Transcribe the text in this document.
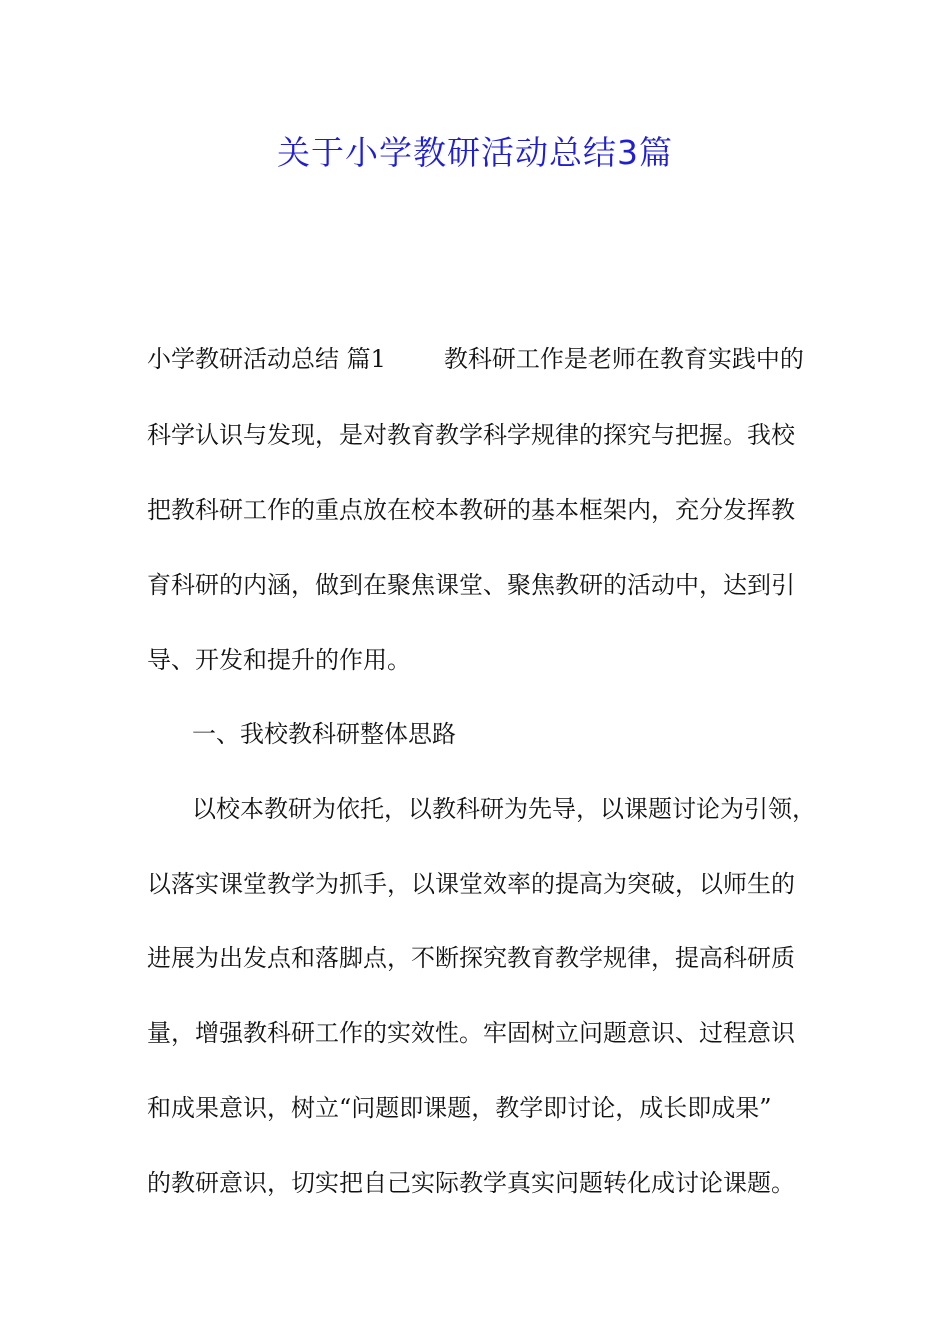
关于小学教研活动总结3篇
小学教研活动总结 篇1 教科研工作是老师在教育实践中的
科学认识与发现，是对教育教学科学规律的探究与把握。我校
把教科研工作的重点放在校本教研的基本框架内，充分发挥教
育科研的内涵，做到在聚焦课堂、聚焦教研的活动中，达到引
导、开发和提升的作用。
一、我校教科研整体思路
以校本教研为依托，以教科研为先导，以课题讨论为引领，
以落实课堂教学为抓手，以课堂效率的提高为突破，以师生的
进展为出发点和落脚点，不断探究教育教学规律，提高科研质
量，增强教科研工作的实效性。牢固树立问题意识、过程意识
和成果意识，树立“问题即课题，教学即讨论，成长即成果”
的教研意识，切实把自己实际教学真实问题转化成讨论课题。
